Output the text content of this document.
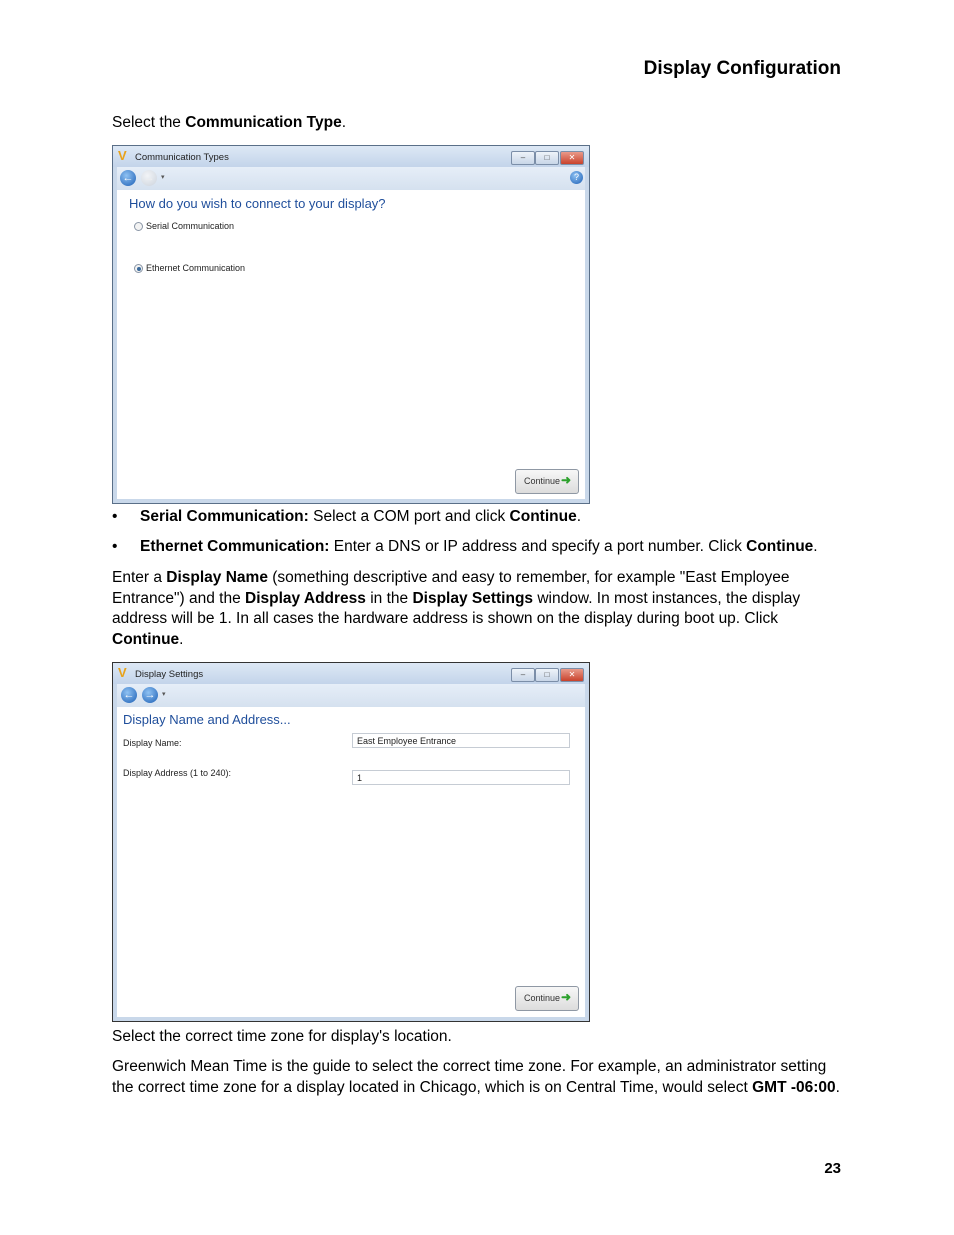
Display Configuration
Select the Communication Type.
V Communication Types	–	□	✕
← → ▾	?
How do you wish to connect to your display?
Serial Communication
Ethernet Communication
Continue ➜
• Serial Communication: Select a COM port and click Continue.
• Ethernet Communication: Enter a DNS or IP address and specify a port number. Click Continue.
Enter a Display Name (something descriptive and easy to remember, for example "East Employee Entrance") and the Display Address in the Display Settings window. In most instances, the display address will be 1. In all cases the hardware address is shown on the display during boot up. Click Continue.
V Display Settings	–	□	✕
← → ▾
Display Name and Address...
Display Name:	East Employee Entrance
Display Address (1 to 240):	1
Continue ➜
Select the correct time zone for display's location.
Greenwich Mean Time is the guide to select the correct time zone. For example, an administrator setting the correct time zone for a display located in Chicago, which is on Central Time, would select GMT -06:00.
23
